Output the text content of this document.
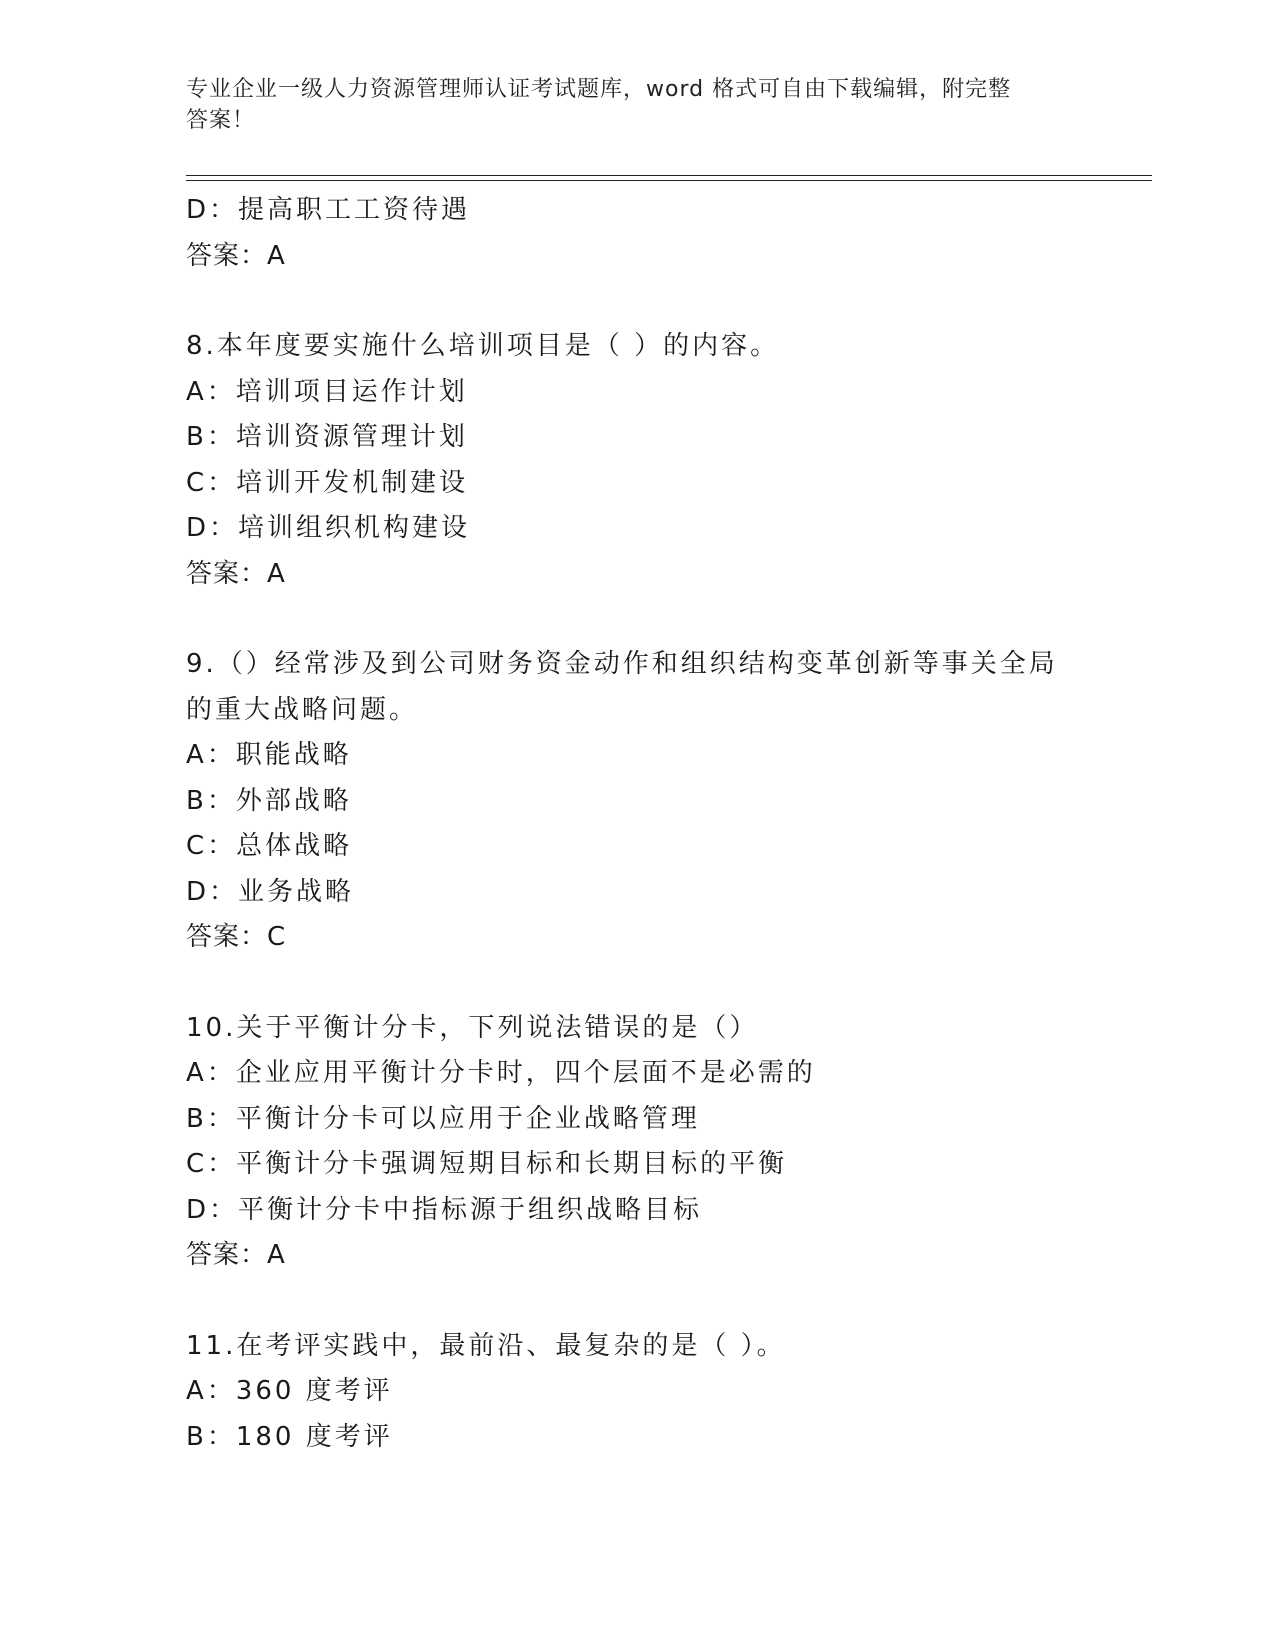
专业企业一级人力资源管理师认证考试题库，word 格式可自由下载编辑，附完整
答案！
D：提高职工工资待遇
答案：A
8.本年度要实施什么培训项目是（ ）的内容。
A：培训项目运作计划
B：培训资源管理计划
C：培训开发机制建设
D：培训组织机构建设
答案：A
9.（）经常涉及到公司财务资金动作和组织结构变革创新等事关全局
的重大战略问题。
A：职能战略
B：外部战略
C：总体战略
D：业务战略
答案：C
10.关于平衡计分卡，下列说法错误的是（）
A：企业应用平衡计分卡时，四个层面不是必需的
B：平衡计分卡可以应用于企业战略管理
C：平衡计分卡强调短期目标和长期目标的平衡
D：平衡计分卡中指标源于组织战略目标
答案：A
11.在考评实践中，最前沿、最复杂的是（ ）。
A：360 度考评
B：180 度考评
